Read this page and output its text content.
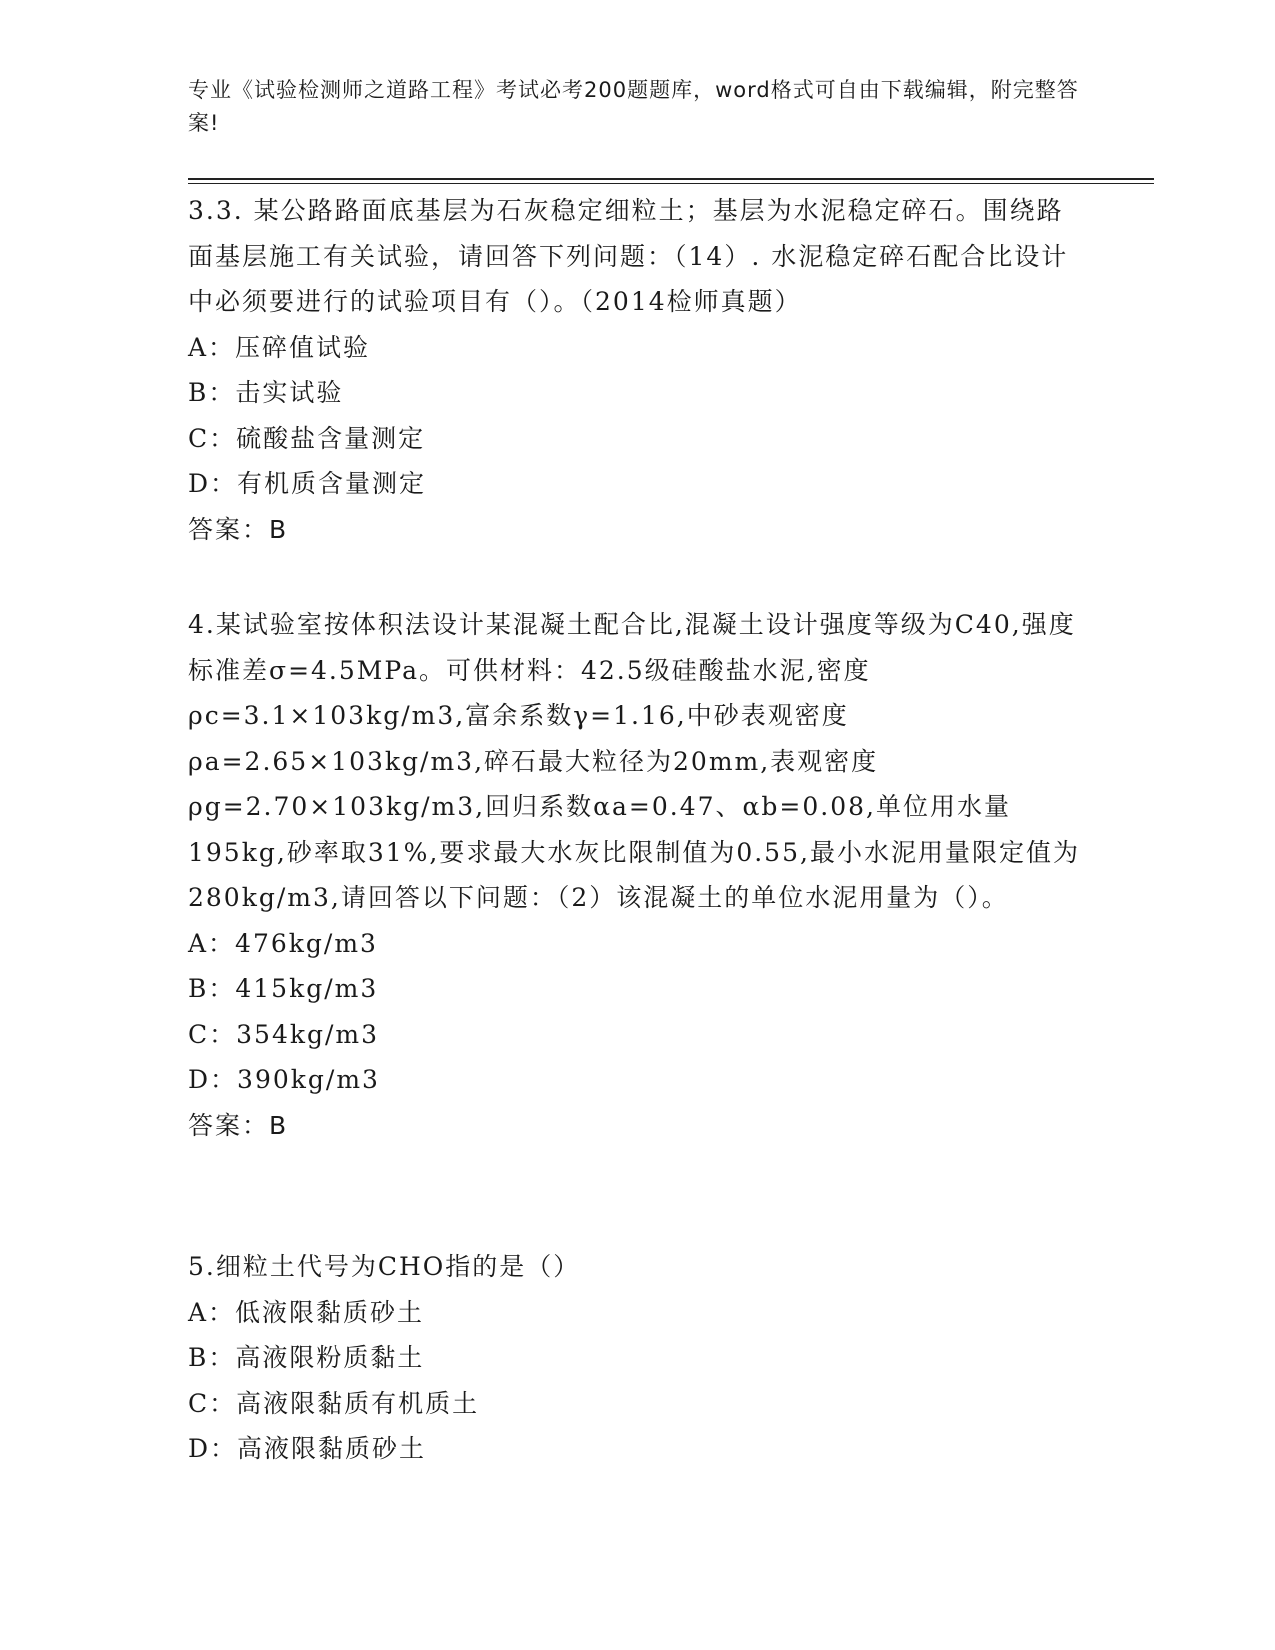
专业《试验检测师之道路工程》考试必考200题题库，word格式可自由下载编辑，附完整答案!
3.3. 某公路路面底基层为石灰稳定细粒土；基层为水泥稳定碎石。围绕路面基层施工有关试验，请回答下列问题：（14）. 水泥稳定碎石配合比设计中必须要进行的试验项目有（）。（2014检师真题）
A：压碎值试验
B：击实试验
C：硫酸盐含量测定
D：有机质含量测定
答案：B
4.某试验室按体积法设计某混凝土配合比,混凝土设计强度等级为C40,强度标准差σ=4.5MPa。可供材料：42.5级硅酸盐水泥,密度ρc=3.1×103kg/m3,富余系数γ=1.16,中砂表观密度ρa=2.65×103kg/m3,碎石最大粒径为20mm,表观密度ρg=2.70×103kg/m3,回归系数αa=0.47、αb=0.08,单位用水量195kg,砂率取31%,要求最大水灰比限制值为0.55,最小水泥用量限定值为280kg/m3,请回答以下问题：（2）该混凝土的单位水泥用量为（）。
A：476kg/m3
B：415kg/m3
C：354kg/m3
D：390kg/m3
答案：B
5.细粒土代号为CHO指的是（）
A：低液限黏质砂土
B：高液限粉质黏土
C：高液限黏质有机质土
D：高液限黏质砂土
